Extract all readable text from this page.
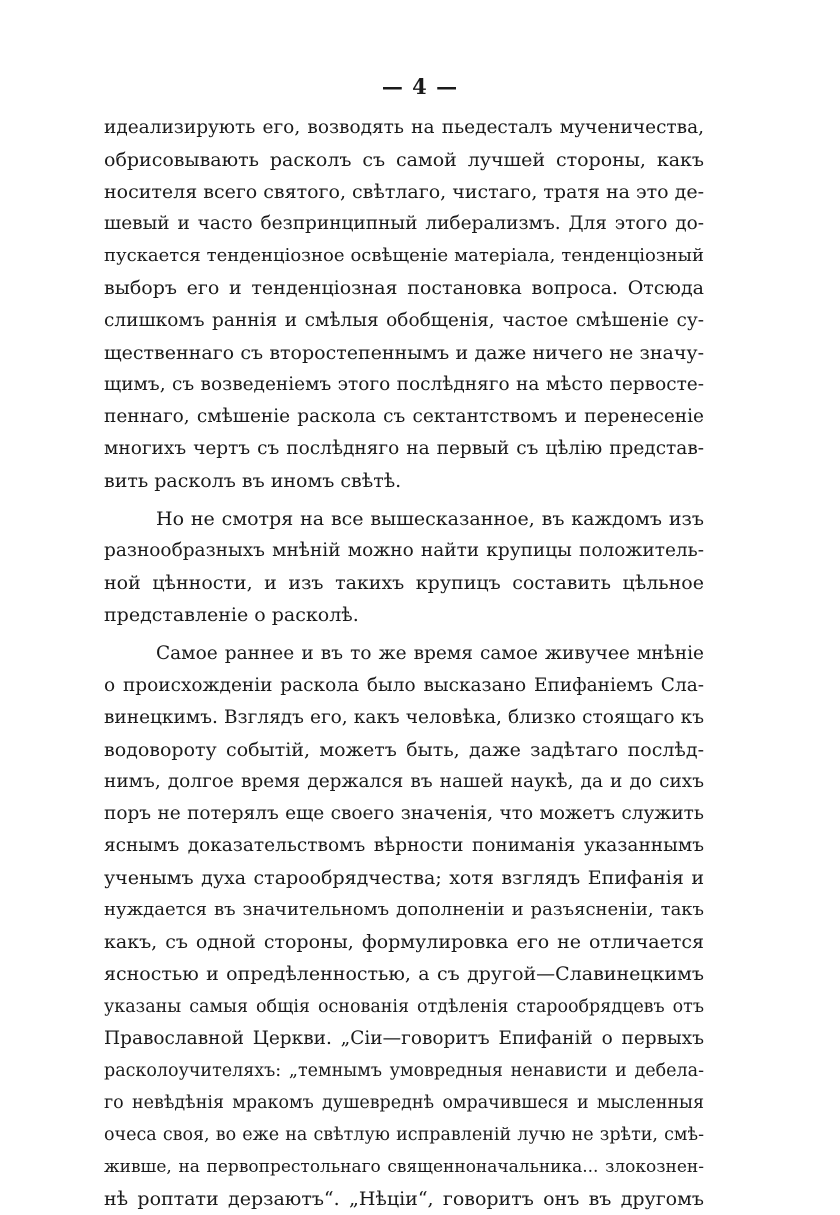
— 4 —
идеализирують его, возводять на пьедесталъ мученичества,
обрисовывають расколъ съ самой лучшей стороны, какъ
носителя всего святого, свѣтлаго, чистаго, тратя на это де-
шевый и часто безпринципный либерализмъ. Для этого до-
пускается тенденціозное освѣщеніе матеріала, тенденціозный
выборъ его и тенденціозная постановка вопроса. Отсюда
слишкомъ раннія и смѣлыя обобщенія, частое смѣшеніе су-
щественнаго съ второстепеннымъ и даже ничего не значу-
щимъ, съ возведеніемъ этого послѣдняго на мѣсто первосте-
пеннаго, смѣшеніе раскола съ сектантствомъ и перенесеніе
многихъ чертъ съ послѣдняго на первый съ цѣлію представ-
вить расколъ въ иномъ свѣтѣ.
Но не смотря на все вышесказанное, въ каждомъ изъ
разнообразныхъ мнѣній можно найти крупицы положитель-
ной цѣнности, и изъ такихъ крупицъ составить цѣльное
представленіе о расколѣ.
Самое раннее и въ то же время самое живучее мнѣніе
о происхожденіи раскола было высказано Епифаніемъ Сла-
винецкимъ. Взглядъ его, какъ человѣка, близко стоящаго къ
водовороту событій, можетъ быть, даже задѣтаго послѣд-
нимъ, долгое время держался въ нашей наукѣ, да и до сихъ
поръ не потерялъ еще своего значенія, что можетъ служить
яснымъ доказательствомъ вѣрности пониманія указаннымъ
ученымъ духа старообрядчества; хотя взглядъ Епифанія и
нуждается въ значительномъ дополненіи и разъясненіи, такъ
какъ, съ одной стороны, формулировка его не отличается
ясностью и опредѣленностью, а съ другой—Славинецкимъ
указаны самыя общія основанія отдѣленія старообрядцевъ отъ
Православной Церкви. „Сіи—говоритъ Епифаній о первыхъ
расколоучителяхъ: „темнымъ умовредныя ненависти и дебела-
го невѣдѣнія мракомъ душевреднѣ омрачившеся и мысленныя
очеса своя, во еже на свѣтлую исправленій лучю не зрѣти, смѣ-
жившe, на первопрестольнаго священноначальника... злокознен-
нѣ роптати дерзаютъ“. „Нѣціи“, говоритъ онъ въ другомъ
